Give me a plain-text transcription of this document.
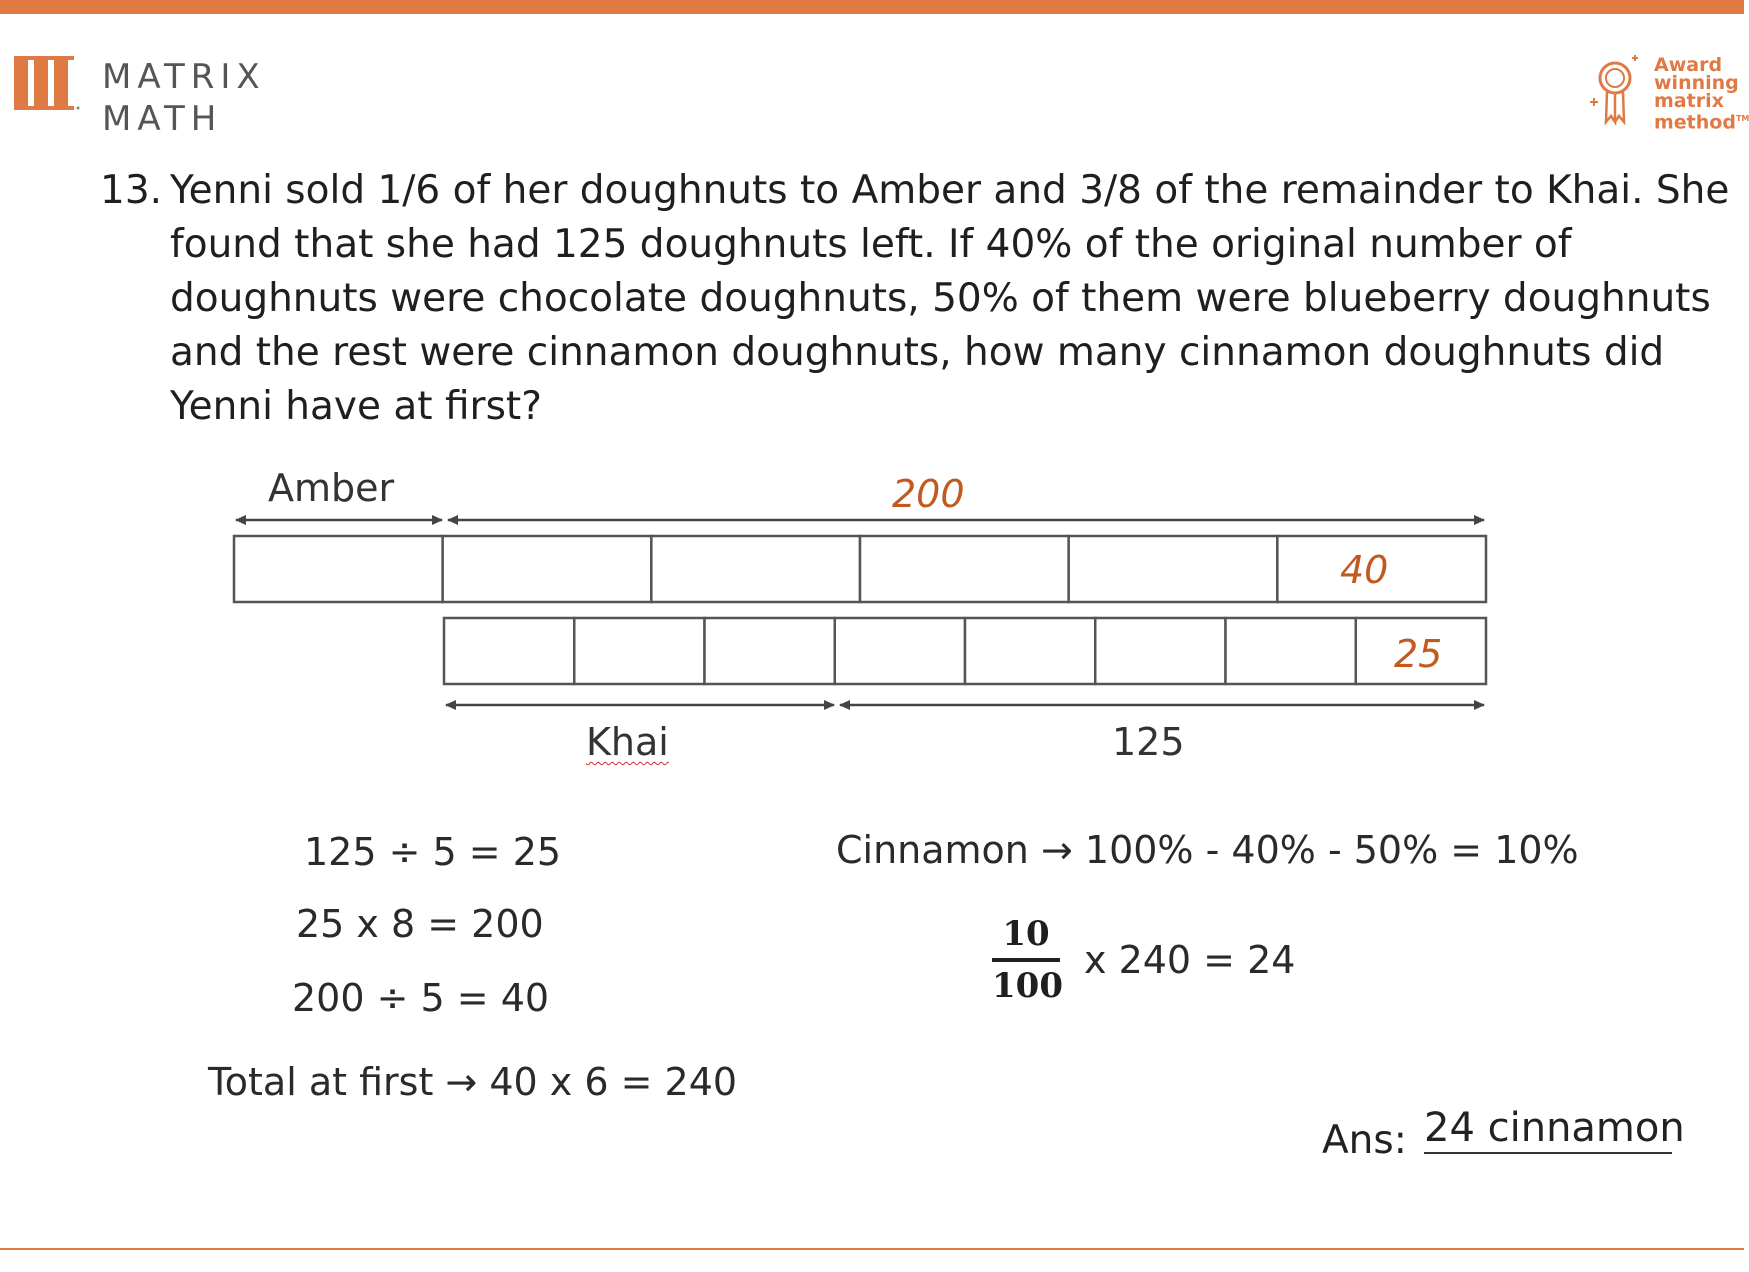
MATRIX
MATH
Award
winning
matrix
method™
13. Yenni sold 1/6 of her doughnuts to Amber and 3/8 of the remainder to Khai. She found that she had 125 doughnuts left. If 40% of the original number of doughnuts were chocolate doughnuts, 50% of them were blueberry doughnuts and the rest were cinnamon doughnuts, how many cinnamon doughnuts did Yenni have at first?
Amber	200
40
25
Khai	125
125 ÷ 5 = 25
25 x 8 = 200
200 ÷ 5 = 40
Total at first → 40 x 6 = 240
Cinnamon → 100% - 40% - 50% = 10%
$\frac{10}{100}$ x 240 = 24
Ans: 24 cinnamon
